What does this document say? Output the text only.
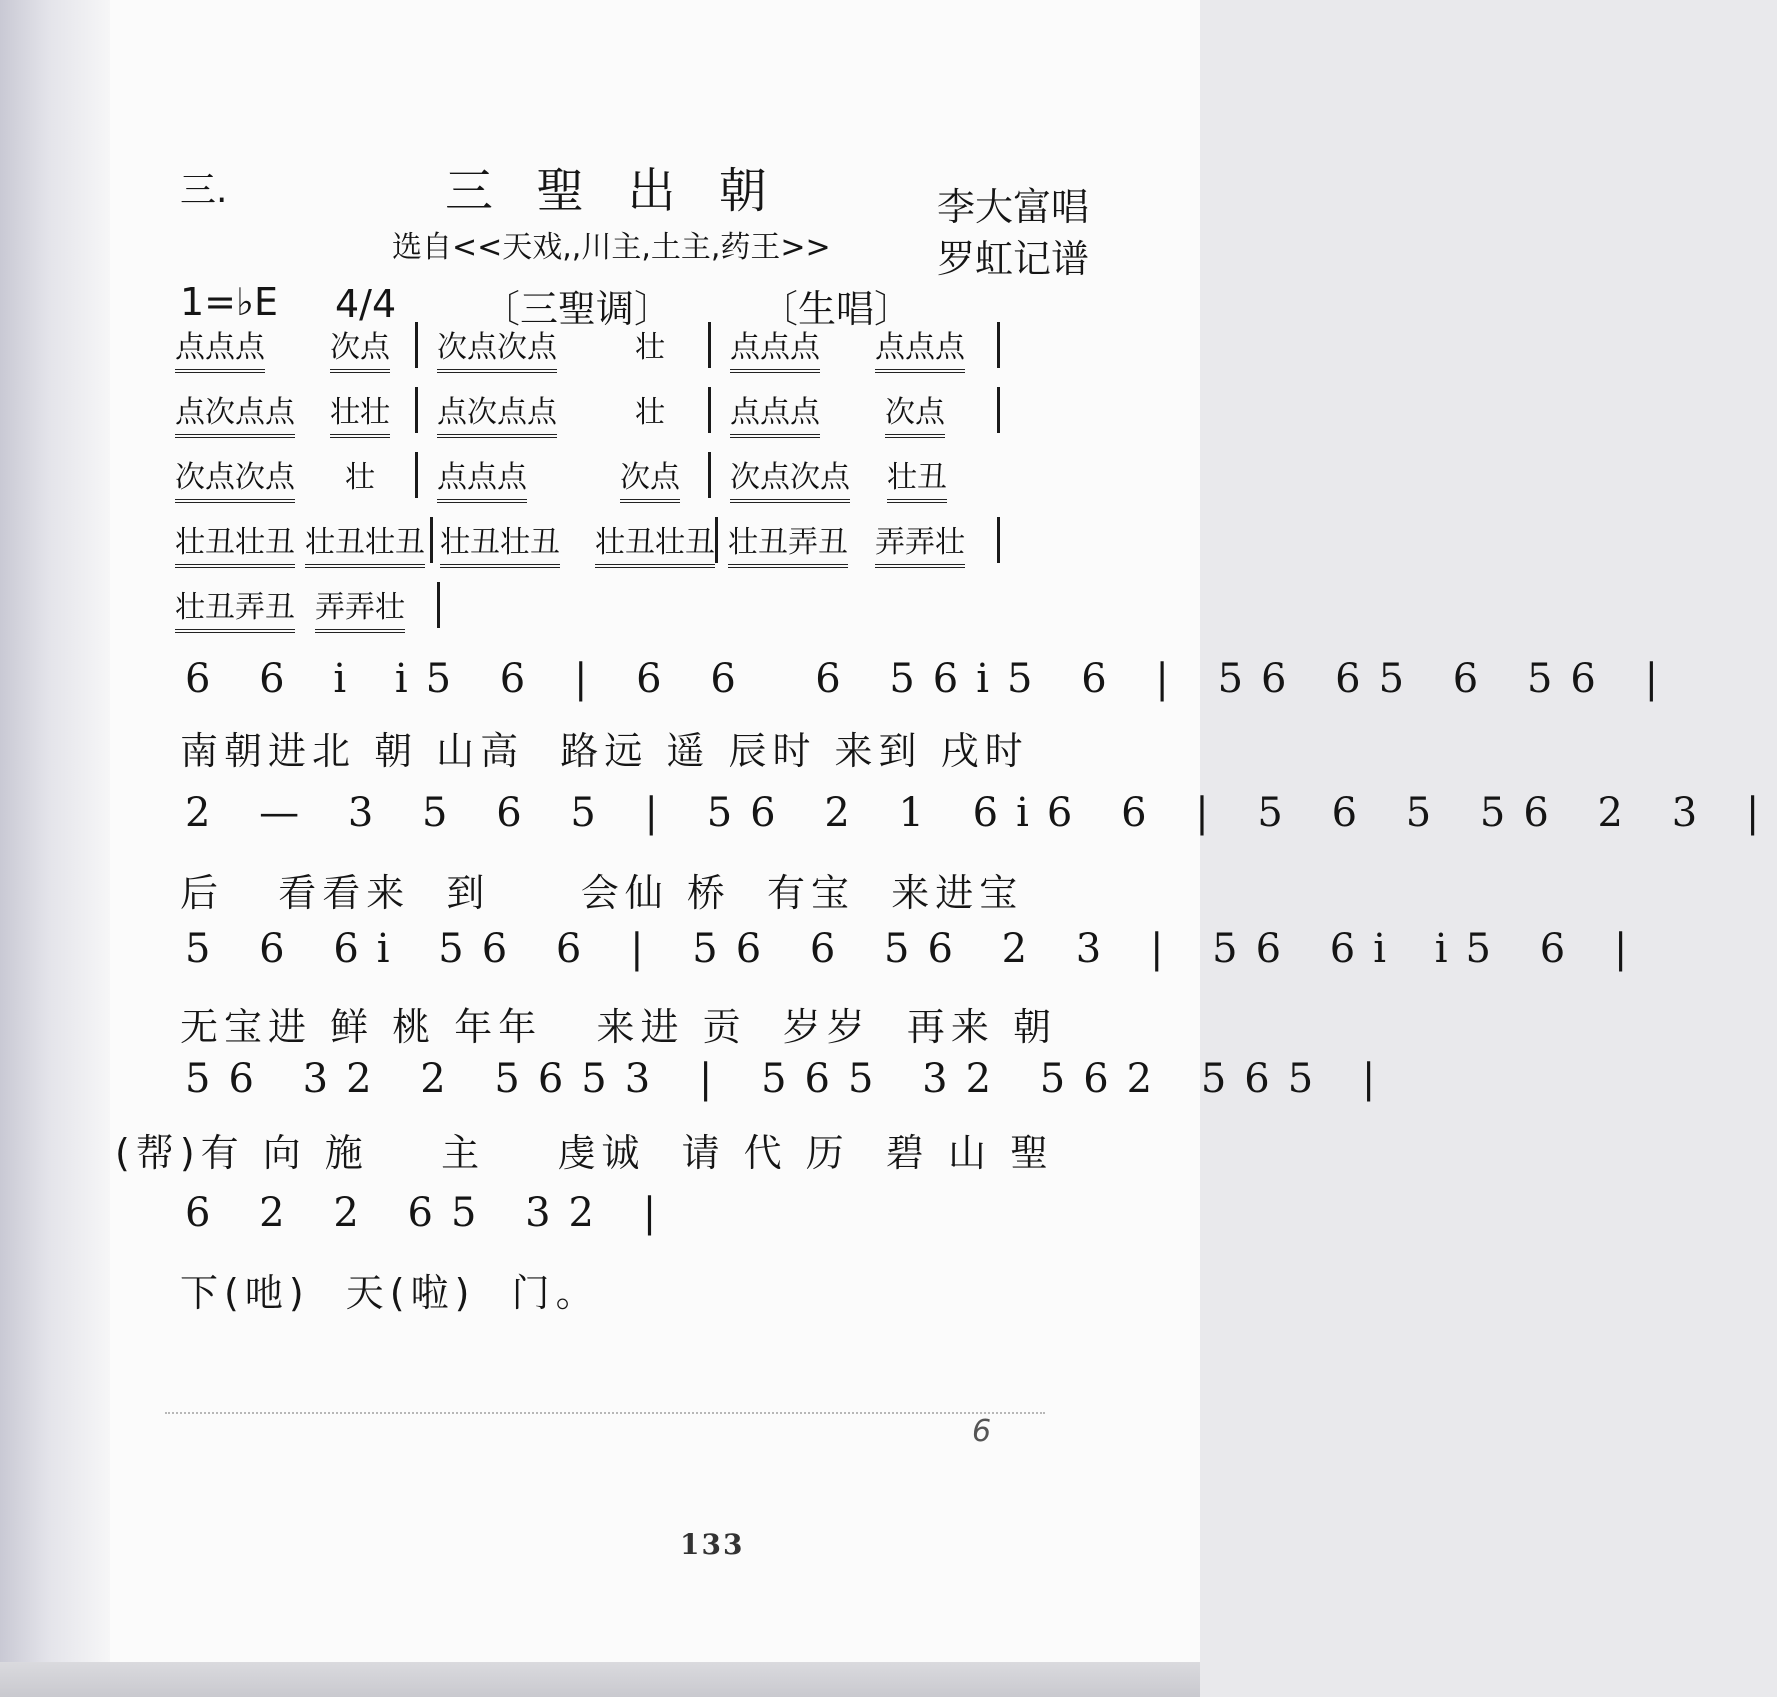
三.	三 聖 出 朝
选自<<天戏,,川主,土主,药王>>
李大富唱
罗虹记谱
1=♭E 4/4 〔三聖调〕 〔生唱〕
点点点 次点 次点次点	壮 点点点 点点点
点次点点 壮壮 点次点点	壮 点点点 次点
次点次点 壮 点点点	次点 次点次点 壮丑
壮丑壮丑 壮丑壮丑 壮丑壮丑 壮丑壮丑 壮丑弄丑 弄弄壮
壮丑弄丑 弄弄壮
6 6 i i5 6 | 6 6  6 56i5 6 | 56 65 6 56 |
南朝进北 朝 山高  路远 遥 辰时 来到 戌时
2 — 3 5 6 5 | 56 2 1 6i6 6 | 5 6 5 56 2 3 |
后   看看来  到     会仙 桥  有宝  来进宝
5 6 6i 56 6 | 56 6 56 2 3 | 56 6i i5 6 |
无宝进 鲜 桃 年年   来进 贡  岁岁  再来 朝
56 32 2 5653 | 565 32 562 565 |
(帮)有 向 施    主    虔诚  请 代 历  碧 山 聖
6 2 2 65 32 |
下(吔)  天(啦)  门。
6
133
